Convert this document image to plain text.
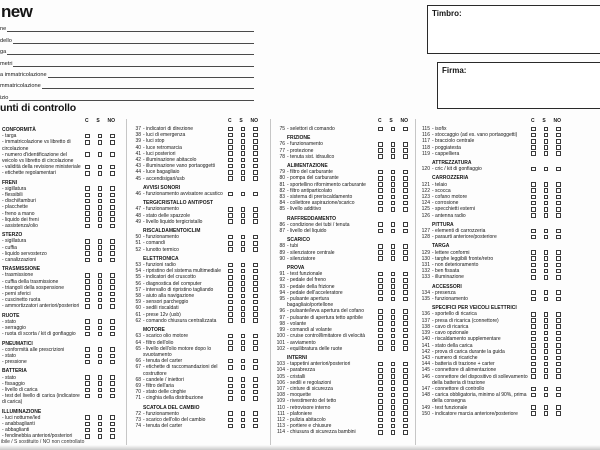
new
ne
dello
ga
metri
a immatricolazione
mmatricolazione
izio
Timbro:
Firma:
unti di controllo
C S NO
CONFORMITÀ
- targa
- immatricolazione vs libretto di circolazione
- numero d'identificazione del veicolo vs libretto di circolazione
- validità della revisione ministeriale
- etichette regolamentari
FRENI
- sigillatura
- flessibili
- dischi/tamburi
- placchette
- freno a mano
- liquido dei freni
- assistenza/olio
STERZO
- sigillatura
- cuffia
- liquido servosterzo
- canalizzazioni
TRASMISSIONE
- trasmissione
- cuffia della trasmissione
- triangoli della sospensione
- perni sferici
- cuscinetto ruota
- ammortizzatori anteriori/posteriori
RUOTE
- stato
- serraggio
- ruota di scorta / kit di gonfiaggio
PNEUMATICI
- conformità alle prescrizioni
- stato
- pressione
BATTERIA
- stato
- fissaggio
- livello di carica
- test del livello di carica (indicatore di carica)
ILLUMINAZIONE
- luci notturne/led
- anabbaglianti
- abbaglianti
- fendinebbia anteriori/posteriori
C S NO
37 - indicatori di direzione
38 - luci di emergenza
39 - luci stop
40 - luce retromarcia
41 - luci posteriori
42 - illuminazione abitacolo
43 - illuminazione vano portaoggetti
44 - luce bagagliaio
45 - accendisigari/usb
AVVISI SONORI
46 - funzionamento avvisatore acustico
TERGICRISTALLO ANT/POST
47 - funzionamento
48 - stato delle spazzole
49 - livello liquido tergicristallo
RISCALDAMENTO/CLIM
50 - funzionamento
51 - comandi
52 - lunotto termico
ELETTRONICA
53 - funzioni radio
54 - ripristino del sistema multimediale
55 - indicatori del cruscotto
56 - diagnostica del computer
57 - intervallo di ripristino tagliando
58 - aiuto alla navigazione
59 - sensori parcheggio
60 - sedili riscaldati
61 - prese 12v (usb)
62 - comando chiusura centralizzata
MOTORE
63 - scarico olio motore
64 - filtro dell'olio
65 - livello dell'olio motore dopo lo svuotamento
66 - tenuta del carter
67 - etichette di raccomandazioni del costruttore
68 - candele / iniettori
69 - filtro dell'aria
70 - stato delle cinghie
71 - cinghia della distribuzione
SCATOLA DEL CAMBIO
72 - funzionamento
73 - scarico dell'olio del cambio
74 - tenuta del carter
C S NO
75 - selettori di comando
FRIZIONE
76 - funzionamento
77 - protezione
78 - tenuta sist. idraulico
ALIMENTAZIONE
79 - filtro del carburante
80 - pompa del carburante
81 - sportellino rifornimento carburante
82 - filtro antiparticolato
83 - sistema di preriscaldamento
84 - collettore aspirazione/scarico
85 - livello additivo
RAFFREDDAMENTO
86 - condizione dei tubi / tenuta
87 - livello del liquido
SCARICO
88 - tubi
89 - silenziatore centrale
90 - silenziatore
PROVA
91 - test funzionale
92 - pedale del freno
93 - pedale della frizione
94 - pedale dell'acceleratore
95 - pulsante apertura bagagliaio/portellone
96 - pulsante/leva apertura del cofano
97 - pulsante di apertura tetto apribile
98 - volante
99 - comandi al volante
100 - cruise control/limitatore di velocità
101 - avviamento
102 - equilibratura delle ruote
INTERNI
103 - tappetini anteriori/posteriori
104 - parabrezza
105 - cristalli
106 - sedili e regolazioni
107 - cinture di sicurezza
108 - moquette
109 - rivestimento del tetto
110 - retrovisore interno
111 - plafoniere
112 - pulizia abitacolo
113 - portiere e chiusure
114 - chiusura di sicurezza bambini
C S NO
115 - isofix
116 - stoccaggio (ad es. vano portaoggetti)
117 - bracciolo centrale
118 - poggiatesta
119 - cappelliera
ATTREZZATURA
120 - cric / kit di gonfiaggio
CARROZZERIA
121 - telaio
122 - scocca
123 - cofano motore
124 - corrosione
125 - specchietti esterni
126 - antenna radio
PITTURA
127 - elementi di carrozzeria
128 - paraurti anteriore/posteriore
TARGA
129 - lettere conformi
130 - targhe leggibili fronte/retro
131 - non deterioramento
132 - ben fissata
133 - illuminazione
ACCESSORI
134 - presenza
135 - funzionamento
SPECIFICI PER VEICOLI ELETTRICI
136 - sportello di ricarica
137 - presa di ricarica (connettore)
138 - cavo di ricarica
139 - cavo opzionale
140 - riscaldamento supplementare
141 - stato della carica
142 - prova di carica durante la guida
143 - numero di ricariche
144 - batteria di trazione + carter
145 - connettore di alimentazione
146 - connettore del dispositivo di sollevamento della batteria di trazione
147 - connettore di controllo
148 - carica obbligatoria, minimo al 90%, prima della consegna
149 - test funzionale
150 - indicatore marcia anteriore/posteriore
ibile / S sostituito / NO non controllato
